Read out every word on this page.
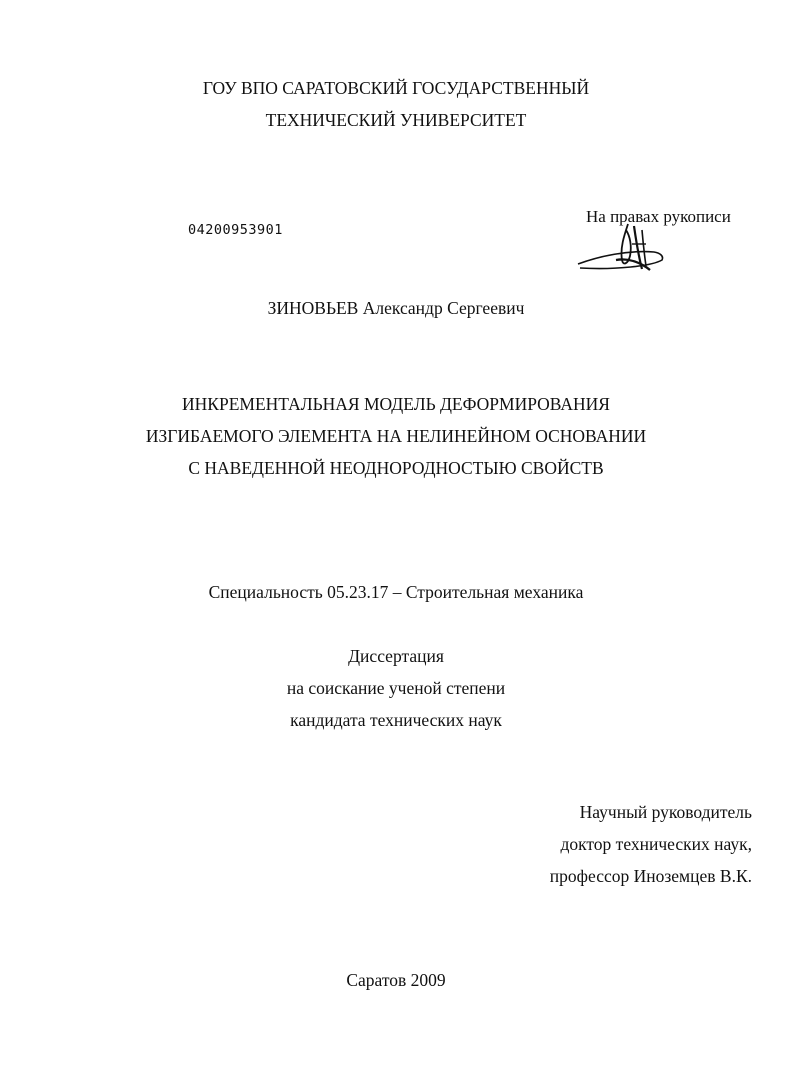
ГОУ ВПО САРАТОВСКИЙ ГОСУДАРСТВЕННЫЙ
ТЕХНИЧЕСКИЙ УНИВЕРСИТЕТ
04200953901
На правах рукописи
ЗИНОВЬЕВ Александр Сергеевич
ИНКРЕМЕНТАЛЬНАЯ МОДЕЛЬ ДЕФОРМИРОВАНИЯ
ИЗГИБАЕМОГО ЭЛЕМЕНТА НА НЕЛИНЕЙНОМ ОСНОВАНИИ
С НАВЕДЕННОЙ НЕОДНОРОДНОСТЫЮ СВОЙСТВ
Специальность 05.23.17 – Строительная механика
Диссертация
на соискание ученой степени
кандидата технических наук
Научный руководитель
доктор технических наук,
профессор Иноземцев В.К.
Саратов 2009
